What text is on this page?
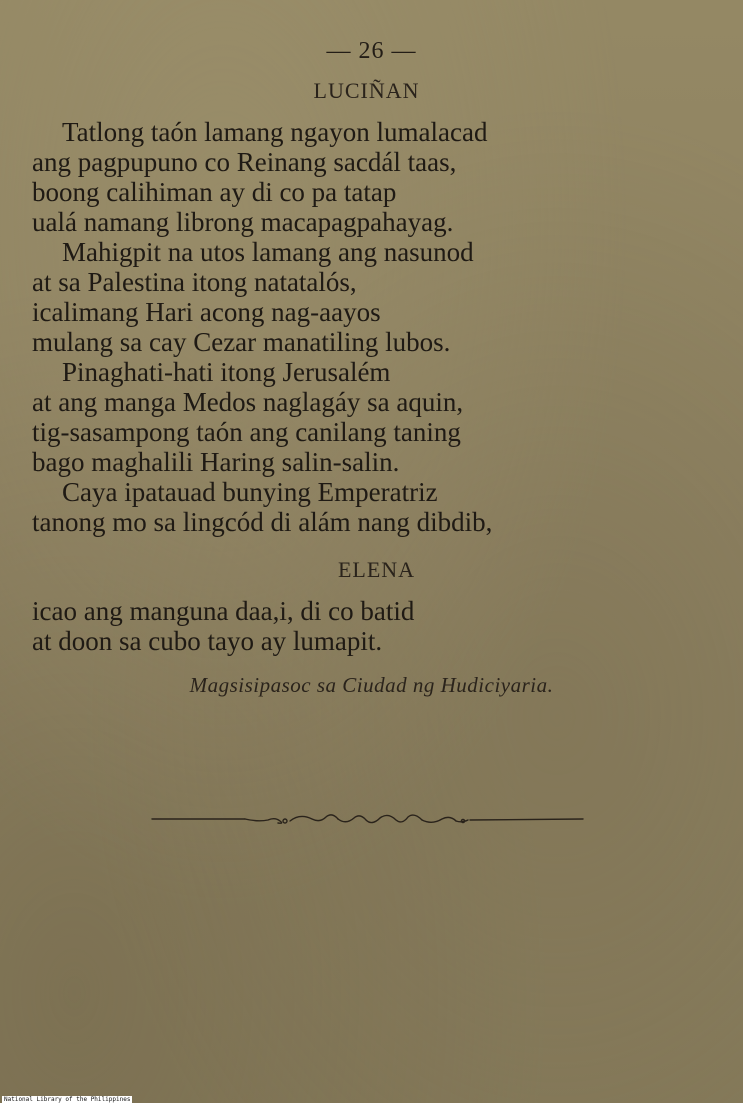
— 26 —
LUCIÑAN
Tatlong taón lamang ngayon lumalacad
ang pagpupuno co Reinang sacdál taas,
boong calihiman ay di co pa tatap
ualá namang librong macapagpahayag.
Mahigpit na utos lamang ang nasunod
at sa Palestina itong natatalós,
icalimang Hari acong nag-aayos
mulang sa cay Cezar manatiling lubos.
Pinaghati-hati itong Jerusalém
at ang manga Medos naglagáy sa aquin,
tig-sasampong taón ang canilang taning
bago maghalili Haring salin-salin.
Caya ipatauad bunying Emperatriz
tanong mo sa lingcód di alám nang dibdib,
ELENA
icao ang manguna daa,i, di co batid
at doon sa cubo tayo ay lumapit.
Magsisipasoc sa Ciudad ng Hudiciyaria.
National Library of the Philippines
